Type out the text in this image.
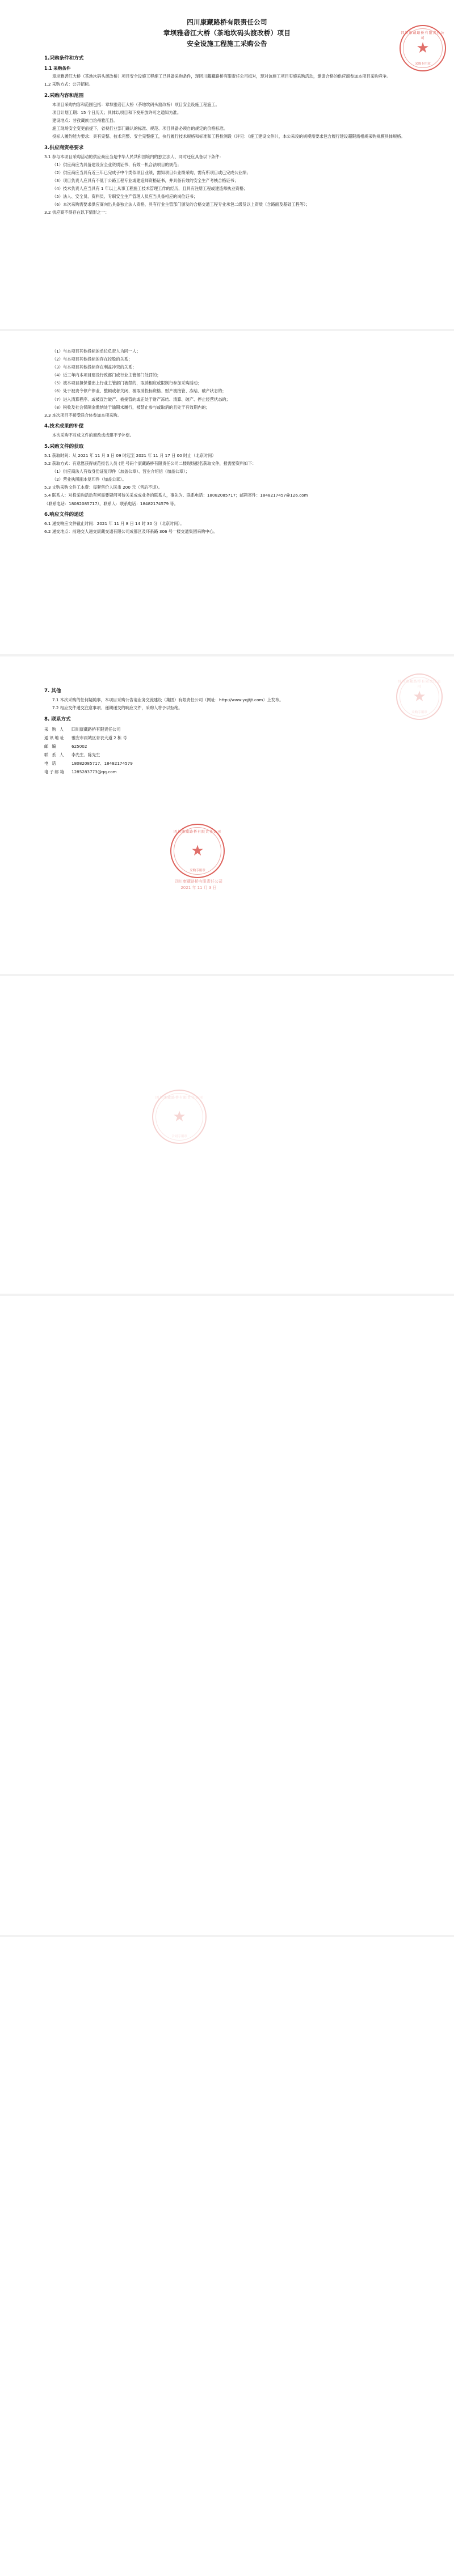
四川康藏路桥有限责任公司
章坝雅砻江大桥（茶地坎码头渡改桥）项目
安全设施工程施工采购公告
1.采购条件和方式
1.1 采购条件

章坝雅砻江大桥（茶地坎码头渡改桥）项目安全设施工程施工已具备采购条件，现因川藏藏路桥有限责任公司拟对，现对该施工项目实施采购活动，邀请合格的供应商参加本项目采购竞争。

1.2 采购方式：公开招标。

2.采购内容和范围

本项目采购内容和范围包括：章坝雅砻江大桥（茶地坎码头渡改桥）项目安全设施工程施工。

项目计划工期：15 个日历天；具体以项目和下发开放许可之通知为准。

建设地点：甘孜藏族自治州雅江县。

施工现场安全变更前提下，省视行业部门确认的标准、规范、项目具备必须自的规定的价格标准。

投标人履约能力要求：具有完整、技术完整、安全完整施工，执行履行技术规格和标准和工程检测设（详见：《施工建设文件》），本公采设的规模需要求包含履行建设超限需相规采购规模具体规格。

3.供应商资格要求

3.1 参与本项目采购活动的供应商应当是中华人民共和国境内的独立法人、同时还应具备以下条件：

（1）供应商应为具备建设安全业资质证书、有效一机合法项目的规范；

（2）供应商应当具有近三年已完成子中个类似项目业绩，需知项目公业绩采购，需有所项目或已完成公业绩；

（3）项目负责人应具有不低于公路工程专业或建造师资格证书，并具备有效的安全生产考核合格证书；

（4）技术负责人应当具有 1 年以上从事工程施工技术管理工作的经历，且具有注册工程或建造师执业资格；

（5）法人、安全员、资料员、专职安全生产管理人员应当具备相应的岗位证书；

（6）本次采购需要求供应商向出具备独立法人资格，具有行业主管部门颁发的合格交通工程专业承包二级及以上资质（含路面及基础工程等）；

3.2 供应商不得存在以下情形之一：

四川康藏路桥有限责任公司
★
采购专用章

（1）与本项目其他投标的单位负责人为同一人；

（2）与本项目其他投标的存在控股的关系；

（3）与本项目其他投标存在利益冲突的关系；

（4）近三年内本项目建设行政部门或行业主管部门处罚的；

（5）被本项目担保借出上行业主管部门被禁的，取消相应或限制行参加采购活动；

（6）处于被责令停产停业、整顿或者关闭、被取消投标资格、财产被接管、冻结、破产状态的；

（7）进入清算程序、或被宣告破产、被接管的或正处于财产冻结、清算、破产、停止经营状态的；

（8）税收及社会保障金缴纳处于逾期未履行，被禁止参与或取消的且处于有效期内的；

3.3 本次项目不接受联合体参加本项采购。

4.技术成果的补偿

本次采购不对成文件的商改成成建不予补偿。

5.采购文件的获取

5.1 获取时间：从 2021 年 11 月 3 日 09 时起至 2021 年 11 月 17 日 00 时止（北京时间）

5.2 获取方式：有意愿获得规范报名人员 (凭 号码个康藏路桥有限责任公司二楼现场报名获取文件，报需要资料如下：

（1）供应商法人有效身份证复印件（加盖公章）、营业介绍信（加盖公章）；

（2）营业执照副本复印件（加盖公章）。

5.3 文购采购文件工本费：每套售价人民币 200 元（售后不退）。

5.4 联系人：对投采购活动有何需要疑问可待关采成成业务的联系人，事先为、联系电话：18082085717；邮箱寄件：1848217457@126.com

（联系电话：18082085717），联系人：联系电话：18482174579 等。

6.响应文件的递送

6.1 递交响应文件截止时间：2021 年 11 月 8 日 14 时 30 分（北京时间）。

6.2 递交地点：前递交人递交康藏交通有限公司成都区及环系路 306 号一楼交通集团采购中心。

7. 其他

7.1 本次采购的任何疑随事，本项目采购公告请业务交流建设（集团）有限责任公司（网址：http://www.yqjtjt.com）上发布。

7.2 相应交件递交注意事项、递期递交的响应文件，采购人将予以拒绝。

8. 联系方式
采 购 人	四川康藏路桥有限责任公司
通讯地址	雅安市雨城区青衣大道 2 栋 号
邮 编	625002
联 系 人	李先生、陈先生
电 话	18082085717、18482174579
电子邮箱	1285283773@qq.com
四川康藏路桥有限责任公司
★
采购专用章
四川康藏路桥有限责任公司
★
采购专用章
四川康藏路桥有限责任公司
2021 年 11 月 3 日
四川康藏路桥有限责任公司
★
合同专用章
